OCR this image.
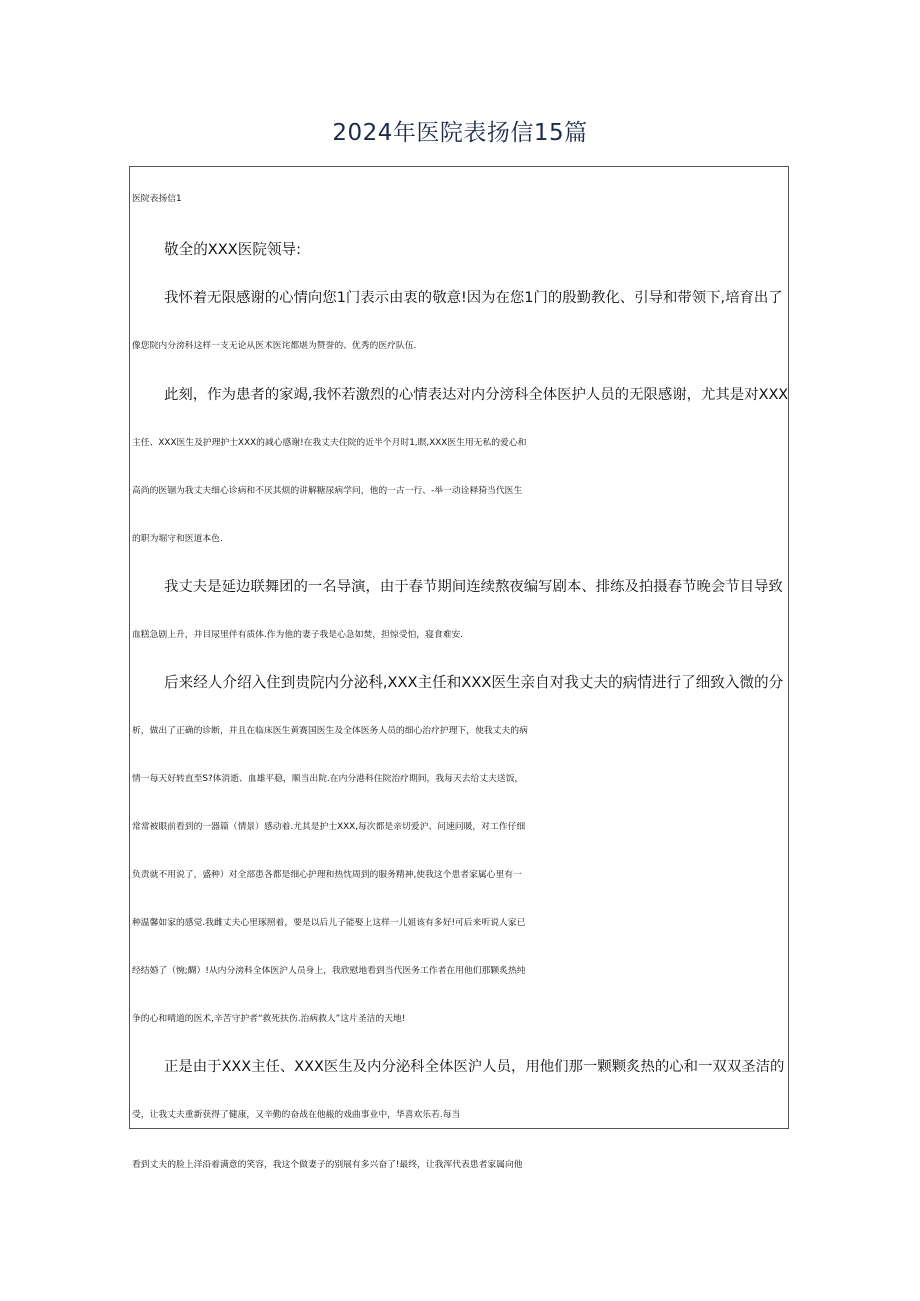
2024年医院表扬信15篇
医院表扬信1
敬全的XXX医院领导:
我怀着无限感谢的心情向您1门表示由衷的敬意!因为在您1门的殷勤教化、引导和带领下,培育出了
像您院内分滂科这样一支无论从医术医诧都堪为赞誉的、优秀的医疗队伍.
此刻，作为患者的家竭,我怀若激烈的心情表达对内分滂科全体医护人员的无限感谢，尤其是对XXX
主任、XXX医生及护理护士XXX的减心感谢!在我丈夫住院的近半个月时1,瞑,XXX医生用无私的爱心和
高尚的医锢为我丈夫细心诊病和不厌其烦的讲解糖尿病学问，他的一古一行、-举一动诠释猗当代医生
的职为堀守和医道本色.
我丈夫是延边联舞团的一名导演，由于春节期间连续熬夜编写剧本、排练及拍摄春节晚会节目导致
血糕急剧上升，并目尿里伴有质体.作为他的妻子我是心急如焚，担惊受怕，寝食难安.
后来经人介绍入住到贵院内分泌科,XXX主任和XXX医生亲自对我丈夫的病情进行了细致入微的分
析，做出了正确的诊断，并且在临床医生黄赛国医生及全体医务人员的细心治疗护理下，使我丈夫的病
情一每天好转直至S?体消逝、血雄平稳，顺当出院.在内分港科住院治疗期间，我每天去给丈夫送饭，
常常被眼前看到的一器篇（情景）感动着.尤其是护士XXX,每次都是亲切爱沪、问速问暖，对工作仔细
负责就不用说了，盛种）对全部患各都是细心护理和热忱周到的服务精神,使我这个患者家属心里有一
种温馨如家的感觉.我雌丈夫心里琢照着，要是以后儿子能娶上这样一儿姐该有多好!可后来听说人家已
经结婚了（惋;醐）!从内分滂科全体医沪人员身上，我欣慰地看到当代医务工作者在用他们那颗炙热纯
争的心和晴道的医术,辛苦守护者“救死扶伤.治病救人”这片圣洁的天地!
正是由于XXX主任、XXX医生及内分泌科全体医沪人员，用他们那一颗颗炙热的心和一双双圣洁的
受，让我丈夫重新获得了健康，又辛勤的奋战在他赧的戏曲事业中，华喜欢乐若.每当
看到丈夫的脸上洋沿着满意的笑容，我这个做妻子的别展有多兴奋了!最终，让我浑代表患者家属向他
